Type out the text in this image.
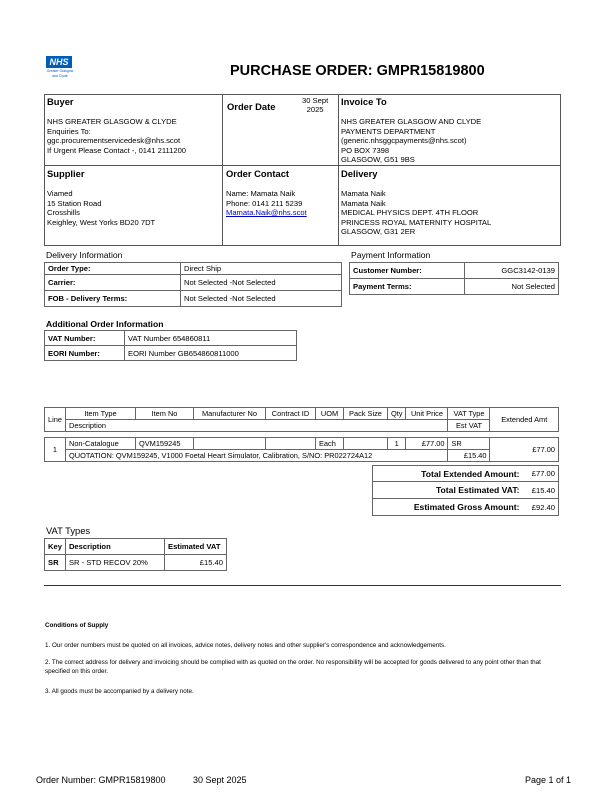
NHS
Greater Glasgow
and Clyde	PURCHASE ORDER: GMPR15819800
Buyer
NHS GREATER GLASGOW & CLYDE
Enquiries To:
ggc.procurementservicedesk@nhs.scot
If Urgent Please Contact -, 0141 2111200
Order Date
30 Sept
2025
Invoice To
NHS GREATER GLASGOW AND CLYDE
PAYMENTS DEPARTMENT
(generic.nhsggcpayments@nhs.scot)
PO BOX 7398
GLASGOW, G51 9BS
Supplier
Viamed
15 Station Road
Crosshills
Keighley, West Yorks BD20 7DT
Order Contact
Name: Mamata Naik
Phone: 0141 211 5239
Mamata.Naik@nhs.scot
Delivery
Mamata Naik
Mamata Naik
MEDICAL PHYSICS DEPT. 4TH FLOOR
PRINCESS ROYAL MATERNITY HOSPITAL
GLASGOW, G31 2ER
Delivery Information
Order Type:	Direct Ship
Carrier:	Not Selected -Not Selected
FOB - Delivery Terms:	Not Selected -Not Selected
Payment Information
Customer Number:	GGC3142-0139
Payment Terms:	Not Selected
Additional Order Information
VAT Number:	VAT Number 654860811
EORI Number:	EORI Number GB654860811000
Line	Item Type	Item No	Manufacturer No	Contract ID	UOM	Pack Size	Qty	Unit Price	VAT Type	Extended Amt
	Description								Est VAT	

1	Non-Catalogue	QVM159245			Each		1	£77.00	SR	£77.00
	QUOTATION: QVM159245, V1000 Foetal Heart Simulator, Calibration, S/NO: PR022724A12								£15.40	
Total Extended Amount:	£77.00
Total Estimated VAT:	£15.40
Estimated Gross Amount:	£92.40
VAT Types
Key	Description	Estimated VAT
SR	SR - STD RECOV 20%	£15.40
Conditions of Supply
1. Our order numbers must be quoted on all invoices, advice notes, delivery notes and other supplier's correspondence and acknowledgements.
2. The correct address for delivery and invoicing should be complied with as quoted on the order. No responsibility will be accepted for goods delivered to any point other than that specified on this order.
3. All goods must be accompanied by a delivery note.
Order Number: GMPR15819800	30 Sept 2025	Page 1 of 1
